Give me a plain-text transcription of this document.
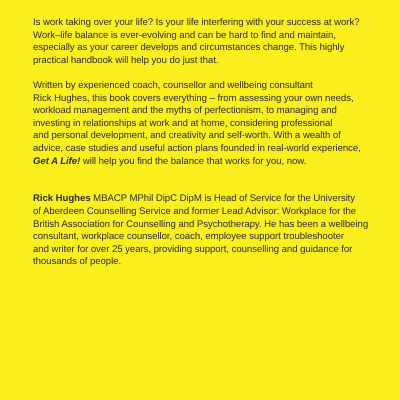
Is work taking over your life? Is your life interfering with your success at work?
Work–life balance is ever-evolving and can be hard to find and maintain,
especially as your career develops and circumstances change. This highly
practical handbook will help you do just that.

Written by experienced coach, counsellor and wellbeing consultant
Rick Hughes, this book covers everything – from assessing your own needs,
workload management and the myths of perfectionism, to managing and
investing in relationships at work and at home, considering professional
and personal development, and creativity and self-worth. With a wealth of
advice, case studies and useful action plans founded in real-world experience,
Get A Life! will help you find the balance that works for you, now.

Rick Hughes MBACP MPhil DipC DipM is Head of Service for the University
of Aberdeen Counselling Service and former Lead Advisor: Workplace for the
British Association for Counselling and Psychotherapy. He has been a wellbeing
consultant, workplace counsellor, coach, employee support troubleshooter
and writer for over 25 years, providing support, counselling and guidance for
thousands of people.
